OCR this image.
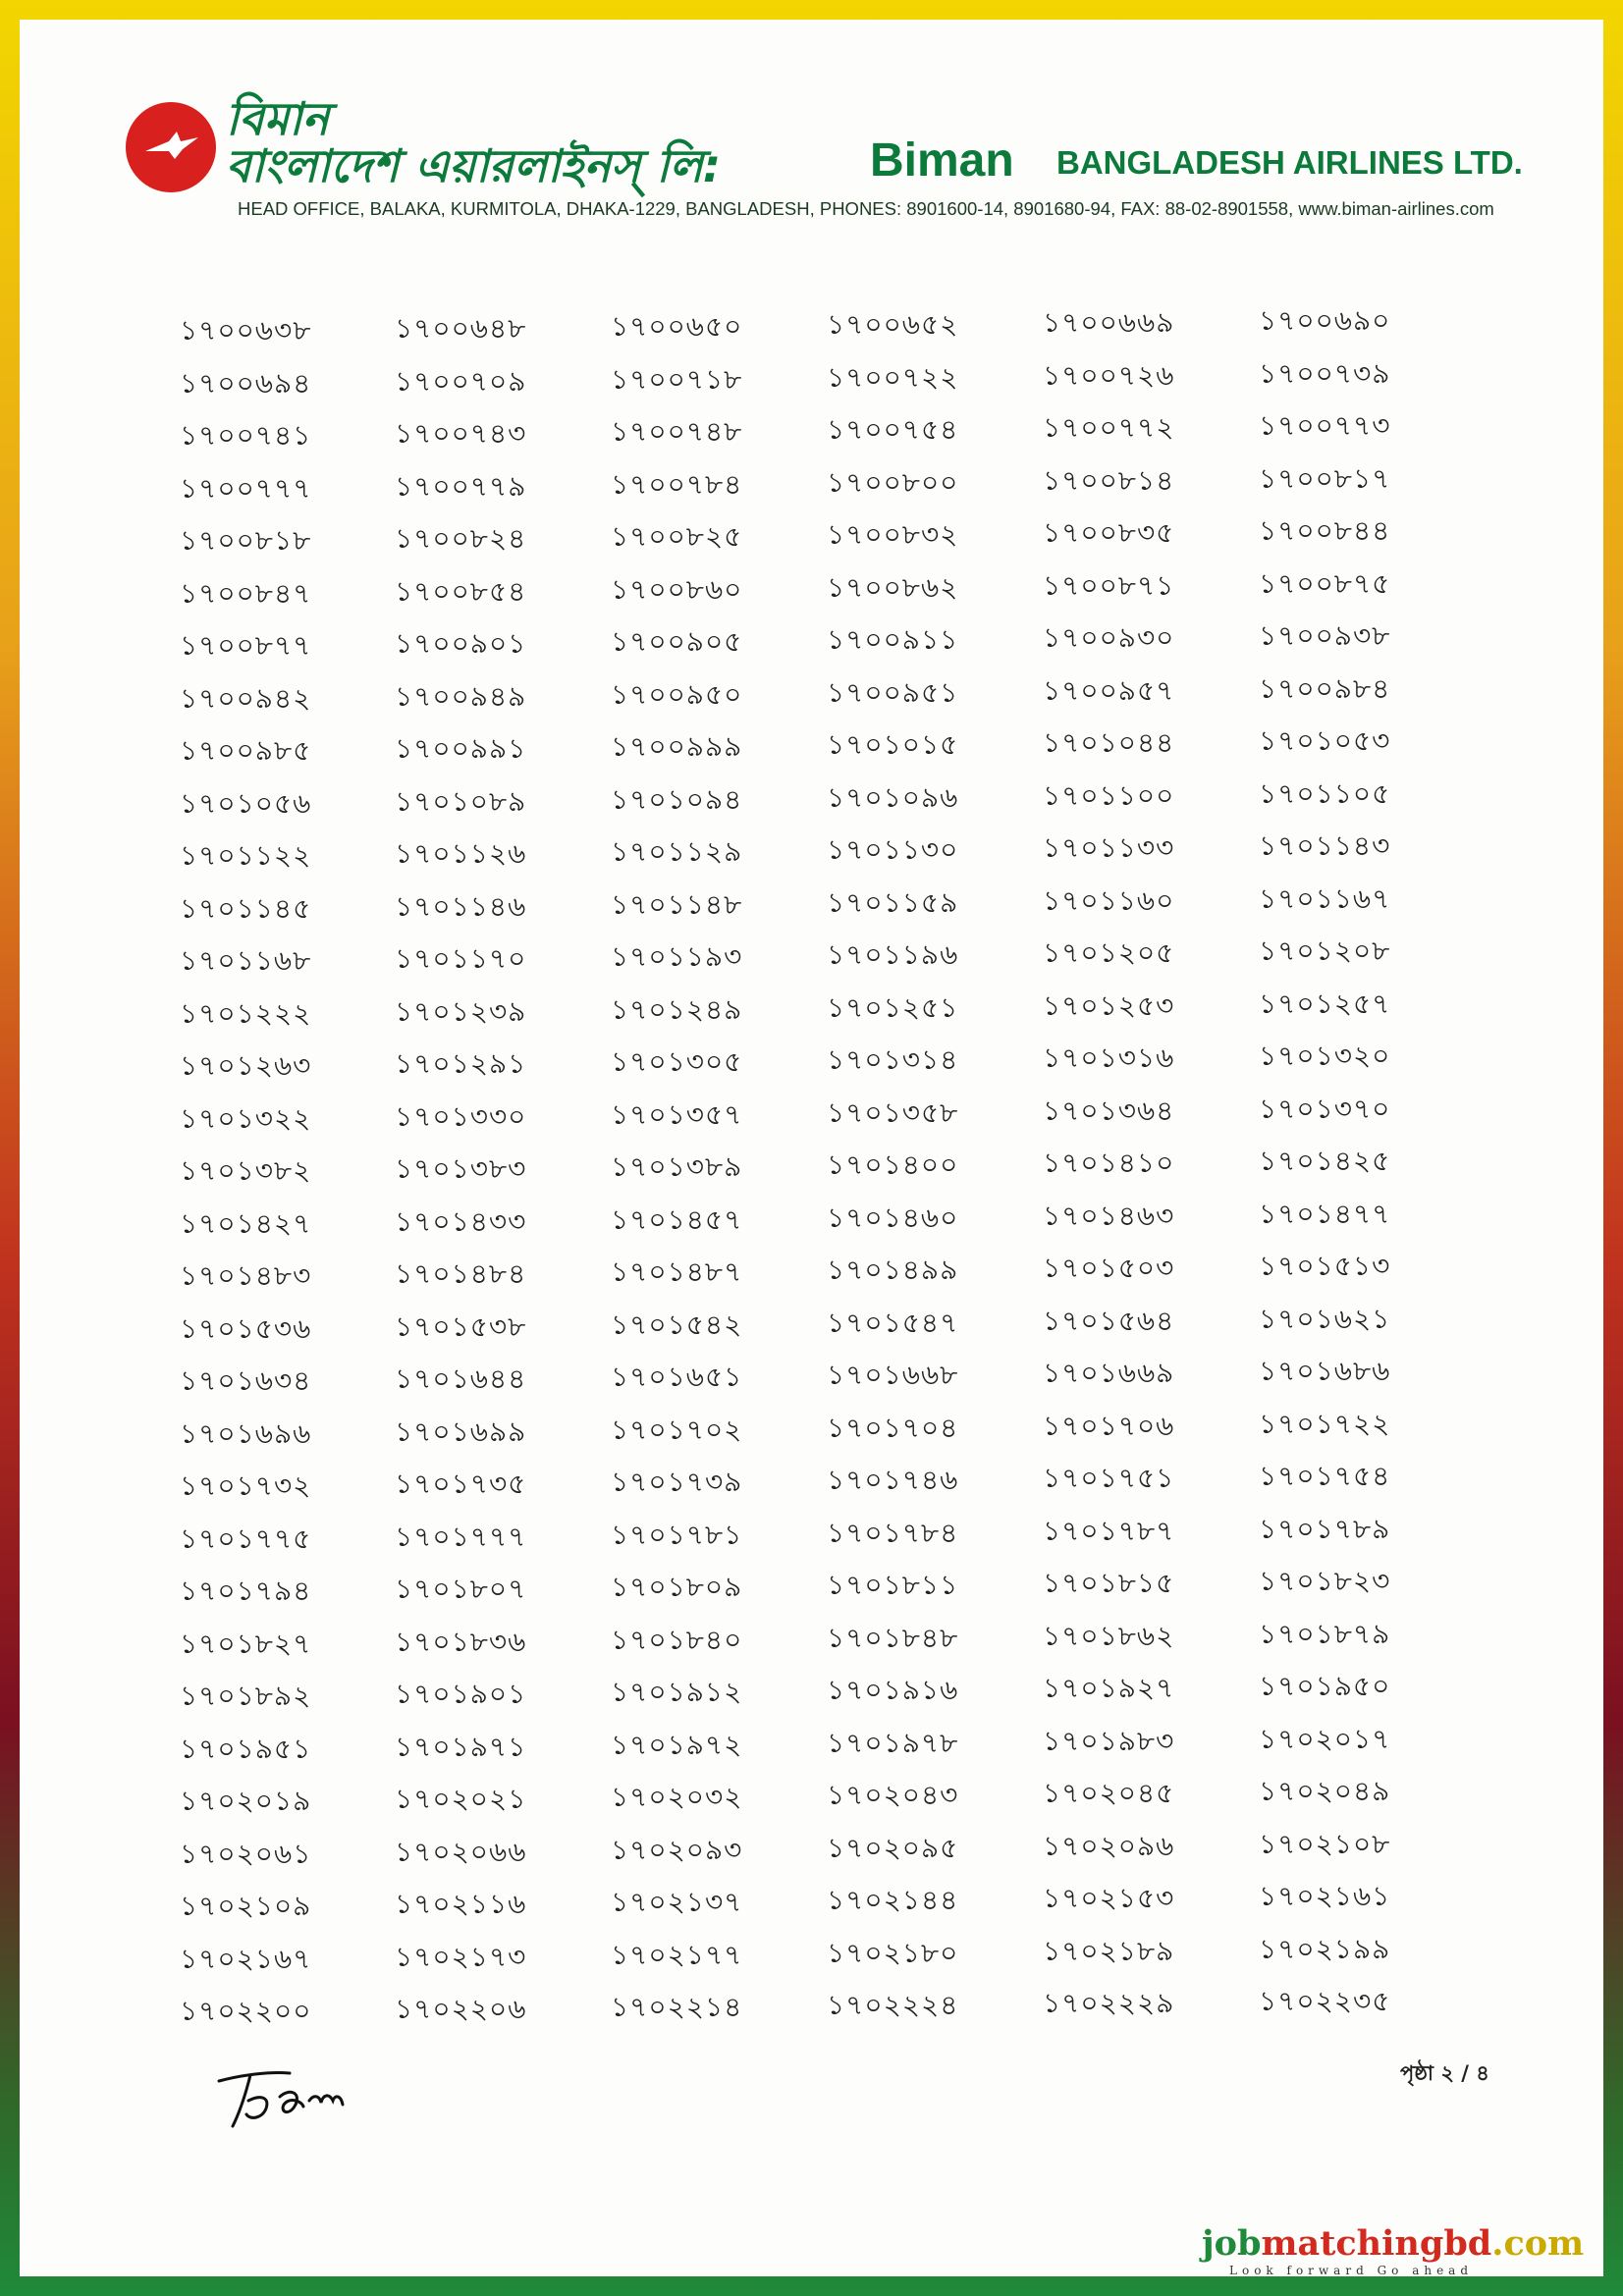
বিমান
বাংলাদেশ এয়ারলাইনস্ লি:	Biman BANGLADESH AIRLINES LTD.
HEAD OFFICE, BALAKA, KURMITOLA, DHAKA-1229, BANGLADESH, PHONES: 8901600-14, 8901680-94, FAX: 88-02-8901558, www.biman-airlines.com
১৭০০৬৩৮	১৭০০৬৪৮	১৭০০৬৫০	১৭০০৬৫২	১৭০০৬৬৯	১৭০০৬৯০
১৭০০৬৯৪	১৭০০৭০৯	১৭০০৭১৮	১৭০০৭২২	১৭০০৭২৬	১৭০০৭৩৯
১৭০০৭৪১	১৭০০৭৪৩	১৭০০৭৪৮	১৭০০৭৫৪	১৭০০৭৭২	১৭০০৭৭৩
১৭০০৭৭৭	১৭০০৭৭৯	১৭০০৭৮৪	১৭০০৮০০	১৭০০৮১৪	১৭০০৮১৭
১৭০০৮১৮	১৭০০৮২৪	১৭০০৮২৫	১৭০০৮৩২	১৭০০৮৩৫	১৭০০৮৪৪
১৭০০৮৪৭	১৭০০৮৫৪	১৭০০৮৬০	১৭০০৮৬২	১৭০০৮৭১	১৭০০৮৭৫
১৭০০৮৭৭	১৭০০৯০১	১৭০০৯০৫	১৭০০৯১১	১৭০০৯৩০	১৭০০৯৩৮
১৭০০৯৪২	১৭০০৯৪৯	১৭০০৯৫০	১৭০০৯৫১	১৭০০৯৫৭	১৭০০৯৮৪
১৭০০৯৮৫	১৭০০৯৯১	১৭০০৯৯৯	১৭০১০১৫	১৭০১০৪৪	১৭০১০৫৩
১৭০১০৫৬	১৭০১০৮৯	১৭০১০৯৪	১৭০১০৯৬	১৭০১১০০	১৭০১১০৫
১৭০১১২২	১৭০১১২৬	১৭০১১২৯	১৭০১১৩০	১৭০১১৩৩	১৭০১১৪৩
১৭০১১৪৫	১৭০১১৪৬	১৭০১১৪৮	১৭০১১৫৯	১৭০১১৬০	১৭০১১৬৭
১৭০১১৬৮	১৭০১১৭০	১৭০১১৯৩	১৭০১১৯৬	১৭০১২০৫	১৭০১২০৮
১৭০১২২২	১৭০১২৩৯	১৭০১২৪৯	১৭০১২৫১	১৭০১২৫৩	১৭০১২৫৭
১৭০১২৬৩	১৭০১২৯১	১৭০১৩০৫	১৭০১৩১৪	১৭০১৩১৬	১৭০১৩২০
১৭০১৩২২	১৭০১৩৩০	১৭০১৩৫৭	১৭০১৩৫৮	১৭০১৩৬৪	১৭০১৩৭০
১৭০১৩৮২	১৭০১৩৮৩	১৭০১৩৮৯	১৭০১৪০০	১৭০১৪১০	১৭০১৪২৫
১৭০১৪২৭	১৭০১৪৩৩	১৭০১৪৫৭	১৭০১৪৬০	১৭০১৪৬৩	১৭০১৪৭৭
১৭০১৪৮৩	১৭০১৪৮৪	১৭০১৪৮৭	১৭০১৪৯৯	১৭০১৫০৩	১৭০১৫১৩
১৭০১৫৩৬	১৭০১৫৩৮	১৭০১৫৪২	১৭০১৫৪৭	১৭০১৫৬৪	১৭০১৬২১
১৭০১৬৩৪	১৭০১৬৪৪	১৭০১৬৫১	১৭০১৬৬৮	১৭০১৬৬৯	১৭০১৬৮৬
১৭০১৬৯৬	১৭০১৬৯৯	১৭০১৭০২	১৭০১৭০৪	১৭০১৭০৬	১৭০১৭২২
১৭০১৭৩২	১৭০১৭৩৫	১৭০১৭৩৯	১৭০১৭৪৬	১৭০১৭৫১	১৭০১৭৫৪
১৭০১৭৭৫	১৭০১৭৭৭	১৭০১৭৮১	১৭০১৭৮৪	১৭০১৭৮৭	১৭০১৭৮৯
১৭০১৭৯৪	১৭০১৮০৭	১৭০১৮০৯	১৭০১৮১১	১৭০১৮১৫	১৭০১৮২৩
১৭০১৮২৭	১৭০১৮৩৬	১৭০১৮৪০	১৭০১৮৪৮	১৭০১৮৬২	১৭০১৮৭৯
১৭০১৮৯২	১৭০১৯০১	১৭০১৯১২	১৭০১৯১৬	১৭০১৯২৭	১৭০১৯৫০
১৭০১৯৫১	১৭০১৯৭১	১৭০১৯৭২	১৭০১৯৭৮	১৭০১৯৮৩	১৭০২০১৭
১৭০২০১৯	১৭০২০২১	১৭০২০৩২	১৭০২০৪৩	১৭০২০৪৫	১৭০২০৪৯
১৭০২০৬১	১৭০২০৬৬	১৭০২০৯৩	১৭০২০৯৫	১৭০২০৯৬	১৭০২১০৮
১৭০২১০৯	১৭০২১১৬	১৭০২১৩৭	১৭০২১৪৪	১৭০২১৫৩	১৭০২১৬১
১৭০২১৬৭	১৭০২১৭৩	১৭০২১৭৭	১৭০২১৮০	১৭০২১৮৯	১৭০২১৯৯
১৭০২২০০	১৭০২২০৬	১৭০২২১৪	১৭০২২২৪	১৭০২২২৯	১৭০২২৩৫
পৃষ্ঠা ২ / ৪
jobmatchingbd.com
Look forward Go ahead
